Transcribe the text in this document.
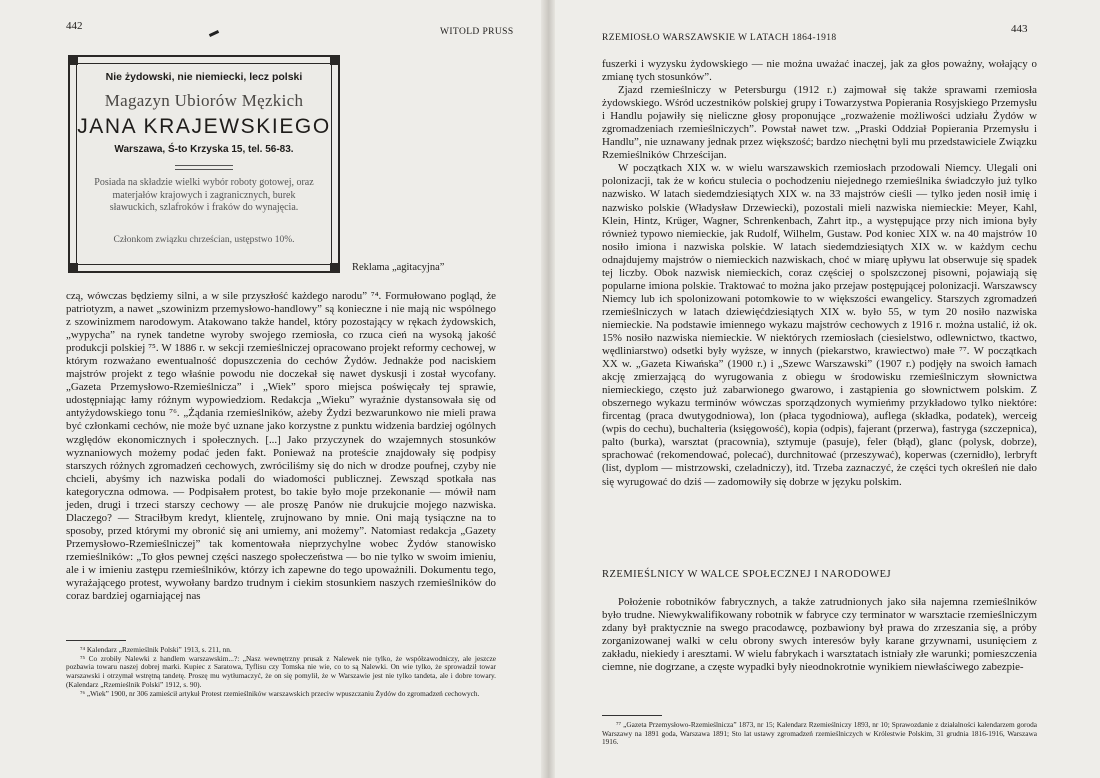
442	WITOLD PRUSS
Nie żydowski, nie niemiecki, lecz polski
Magazyn Ubiorów Męzkich
JANA KRAJEWSKIEGO
Warszawa, Ś-to Krzyska 15, tel. 56-83.
Posiada na składzie wielki wybór roboty gotowej, oraz materjałów krajowych i zagranicznych, burek sławuckich, szlafroków i fraków do wynajęcia.
Członkom związku chrześcian, ustępstwo 10%.
Reklama „agitacyjna”

czą, wówczas będziemy silni, a w sile przyszłość każdego narodu” ⁷⁴. Formułowano pogląd, że patriotyzm, a nawet „szowinizm przemysłowo-handlowy” są konieczne i nie mają nic wspólnego z szowinizmem narodowym. Atakowano także handel, który pozostający w rękach żydowskich, „wypycha” na rynek tandetne wyroby swojego rzemiosła, co rzuca cień na wysoką jakość produkcji polskiej ⁷⁵. W 1886 r. w sekcji rzemieślniczej opracowano projekt reformy cechowej, w którym rozważano ewentualność dopuszczenia do cechów Żydów. Jednakże pod naciskiem majstrów projekt z tego właśnie powodu nie doczekał się nawet dyskusji i został wycofany. „Gazeta Przemysłowo-Rzemieślnicza” i „Wiek” sporo miejsca poświęcały tej sprawie, udostępniając łamy różnym wypowiedziom. Redakcja „Wieku” wyraźnie dystansowała się od antyżydowskiego tonu ⁷⁶. „Żądania rzemieślników, ażeby Żydzi bezwarunkowo nie mieli prawa być członkami cechów, nie może być uznane jako korzystne z punktu widzenia bardziej ogólnych względów ekonomicznych i społecznych. [...] Jako przyczynek do wzajemnych stosunków wyznaniowych możemy podać jeden fakt. Ponieważ na proteście znajdowały się podpisy starszych różnych zgromadzeń cechowych, zwróciliśmy się do nich w drodze poufnej, czyby nie chcieli, abyśmy ich nazwiska podali do wiadomości publicznej. Zewsząd spotkała nas kategoryczna odmowa. — Podpisałem protest, bo takie było moje przekonanie — mówił nam jeden, drugi i trzeci starszy cechowy — ale proszę Panów nie drukujcie mojego nazwiska. Dlaczego? — Straciłbym kredyt, klientelę, zrujnowano by mnie. Oni mają tysiączne na to sposoby, przed którymi my obronić się ani umiemy, ani możemy”. Natomiast redakcja „Gazety Przemysłowo-Rzemieślniczej” tak komentowała nieprzychylne wobec Żydów stanowisko rzemieślników: „To głos pewnej części naszego społeczeństwa — bo nie tylko w swoim imieniu, ale i w imieniu zastępu rzemieślników, którzy ich zapewne do tego upoważnili. Dokumentu tego, wyrażającego protest, wywołany bardzo trudnym i ciekim stosunkiem naszych rzemieślników do coraz bardziej ogarniającej nas

⁷⁴ Kalendarz „Rzemieślnik Polski” 1913, s. 211, nn.

⁷⁵ Co zrobiły Nalewki z handlem warszawskim...?: „Nasz wewnętrzny prusak z Nalewek nie tylko, że współzawodniczy, ale jeszcze pozbawia towaru naszej dobrej marki. Kupiec z Saratowa, Tyflisu czy Tomska nie wie, co to są Nalewki. On wie tylko, że sprowadził towar warszawski i otrzymał wstrętną tandetę. Proszę mu wytłumaczyć, że on się pomylił, że w Warszawie jest nie tylko tandeta, ale i dobre towary. (Kalendarz „Rzemieślnik Polski” 1912, s. 90).

⁷⁶ „Wiek” 1900, nr 306 zamieścił artykuł Protest rzemieślników warszawskich przeciw wpuszczaniu Żydów do zgromadzeń cechowych.

RZEMIOSŁO WARSZAWSKIE W LATACH 1864-1918
443

fuszerki i wyzysku żydowskiego — nie można uważać inaczej, jak za głos poważny, wołający o zmianę tych stosunków”.

Zjazd rzemieślniczy w Petersburgu (1912 r.) zajmował się także sprawami rzemiosła żydowskiego. Wśród uczestników polskiej grupy i Towarzystwa Popierania Rosyjskiego Przemysłu i Handlu pojawiły się nieliczne głosy proponujące „rozważenie możliwości udziału Żydów w zgromadzeniach rzemieślniczych”. Powstał nawet tzw. „Praski Oddział Popierania Przemysłu i Handlu”, nie uznawany jednak przez większość; bardzo niechętni byli mu przedstawiciele Związku Rzemieślników Chrześcijan.

W początkach XIX w. w wielu warszawskich rzemiosłach przodowali Niemcy. Ulegali oni polonizacji, tak że w końcu stulecia o pochodzeniu niejednego rzemieślnika świadczyło już tylko nazwisko. W latach siedemdziesiątych XIX w. na 33 majstrów cieśli — tylko jeden nosił imię i nazwisko polskie (Władysław Drzewiecki), pozostali mieli nazwiska niemieckie: Meyer, Kahl, Klein, Hintz, Krüger, Wagner, Schrenkenbach, Zahrt itp., a występujące przy nich imiona były również typowo niemieckie, jak Rudolf, Wilhelm, Gustaw. Pod koniec XIX w. na 40 majstrów 10 nosiło imiona i nazwiska polskie. W latach siedemdziesiątych XIX w. w każdym cechu odnajdujemy majstrów o niemieckich nazwiskach, choć w miarę upływu lat obserwuje się spadek tej liczby. Obok nazwisk niemieckich, coraz częściej o spolszczonej pisowni, pojawiają się popularne imiona polskie. Traktować to można jako przejaw postępującej polonizacji. Warszawscy Niemcy lub ich spolonizowani potomkowie to w większości ewangelicy. Starszych zgromadzeń rzemieślniczych w latach dziewięćdziesiątych XIX w. było 55, w tym 20 nosiło nazwiska niemieckie. Na podstawie imiennego wykazu majstrów cechowych z 1916 r. można ustalić, iż ok. 15% nosiło nazwiska niemieckie. W niektórych rzemiosłach (ciesielstwo, odlewnictwo, tkactwo, wędliniarstwo) odsetki były wyższe, w innych (piekarstwo, krawiectwo) małe ⁷⁷. W początkach XX w. „Gazeta Kiwańska” (1900 r.) i „Szewc Warszawski” (1907 r.) podjęły na swoich łamach akcję zmierzającą do wyrugowania z obiegu w środowisku rzemieślniczym słownictwa niemieckiego, często już zabarwionego gwarowo, i zastąpienia go słownictwem polskim. Z obszernego wykazu terminów wówczas sporządzonych wymieńmy przykładowo tylko niektóre: fircentag (praca dwutygodniowa), lon (płaca tygodniowa), auflega (składka, podatek), werceig (wpis do cechu), buchalteria (księgowość), kopia (odpis), fajerant (przerwa), fastryga (szczepnica), palto (burka), warsztat (pracownia), sztymuje (pasuje), feler (błąd), glanc (polysk, dobrze), sprachować (rekomendować, polecać), durchnitować (przeszywać), koperwas (czernidło), lerbryft (list, dyplom — mistrzowski, czeladniczy), itd. Trzeba zaznaczyć, że części tych określeń nie dało się wyrugować do dziś — zadomowiły się dobrze w języku polskim.

RZEMIEŚLNICY W WALCE SPOŁECZNEJ I NARODOWEJ

Położenie robotników fabrycznych, a także zatrudnionych jako siła najemna rzemieślników było trudne. Niewykwalifikowany robotnik w fabryce czy terminator w warsztacie rzemieślniczym zdany był praktycznie na swego pracodawcę, pozbawiony był prawa do zrzeszania się, a próby zorganizowanej walki w celu obrony swych interesów były karane grzywnami, usunięciem z zakładu, niekiedy i aresztami. W wielu fabrykach i warsztatach istniały złe warunki; pomieszczenia ciemne, nie dogrzane, a częste wypadki były nieodnokrotnie wynikiem niewłaściwego zabezpie-

⁷⁷ „Gazeta Przemysłowo-Rzemieślnicza” 1873, nr 15; Kalendarz Rzemieślniczy 1893, nr 10; Sprawozdanie z działalności kalendarzem goroda Warszawy na 1891 goda, Warszawa 1891; Sto lat ustawy zgromadzeń rzemieślniczych w Królestwie Polskim, 31 grudnia 1816-1916, Warszawa 1916.
